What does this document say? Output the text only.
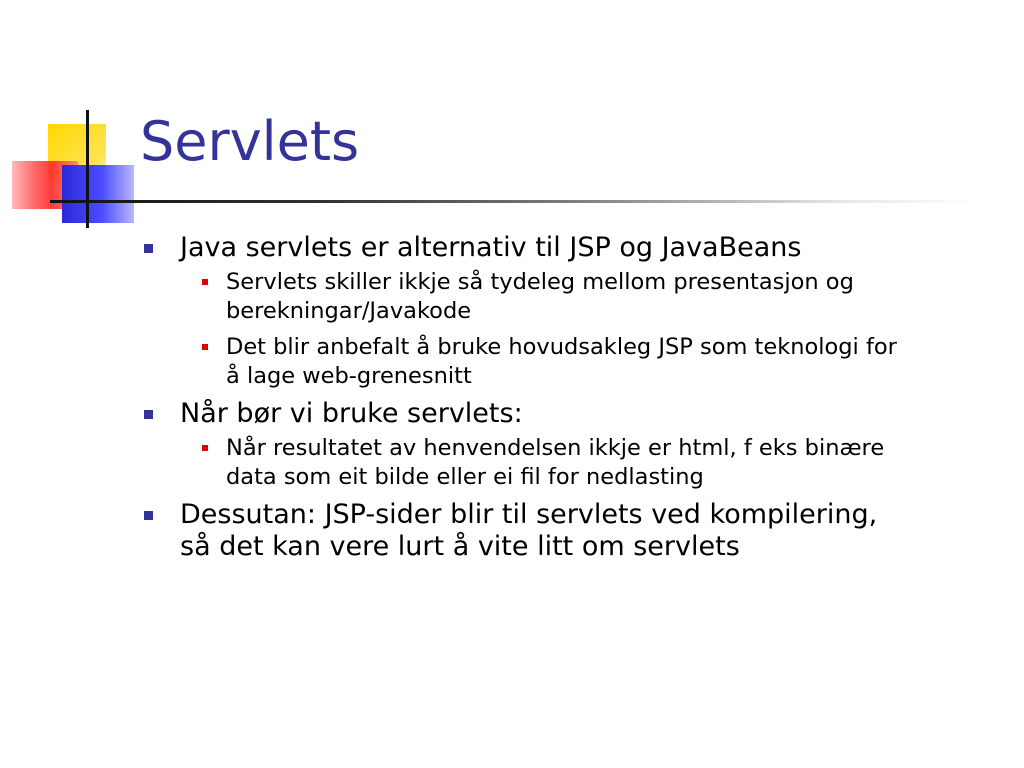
Servlets
Java servlets er alternativ til JSP og JavaBeans
Servlets skiller ikkje så tydeleg mellom presentasjon og
berekningar/Javakode
Det blir anbefalt å bruke hovudsakleg JSP som teknologi for
å lage web-grenesnitt
Når bør vi bruke servlets:
Når resultatet av henvendelsen ikkje er html, f eks binære
data som eit bilde eller ei fil for nedlasting
Dessutan: JSP-sider blir til servlets ved kompilering,
så det kan vere lurt å vite litt om servlets
